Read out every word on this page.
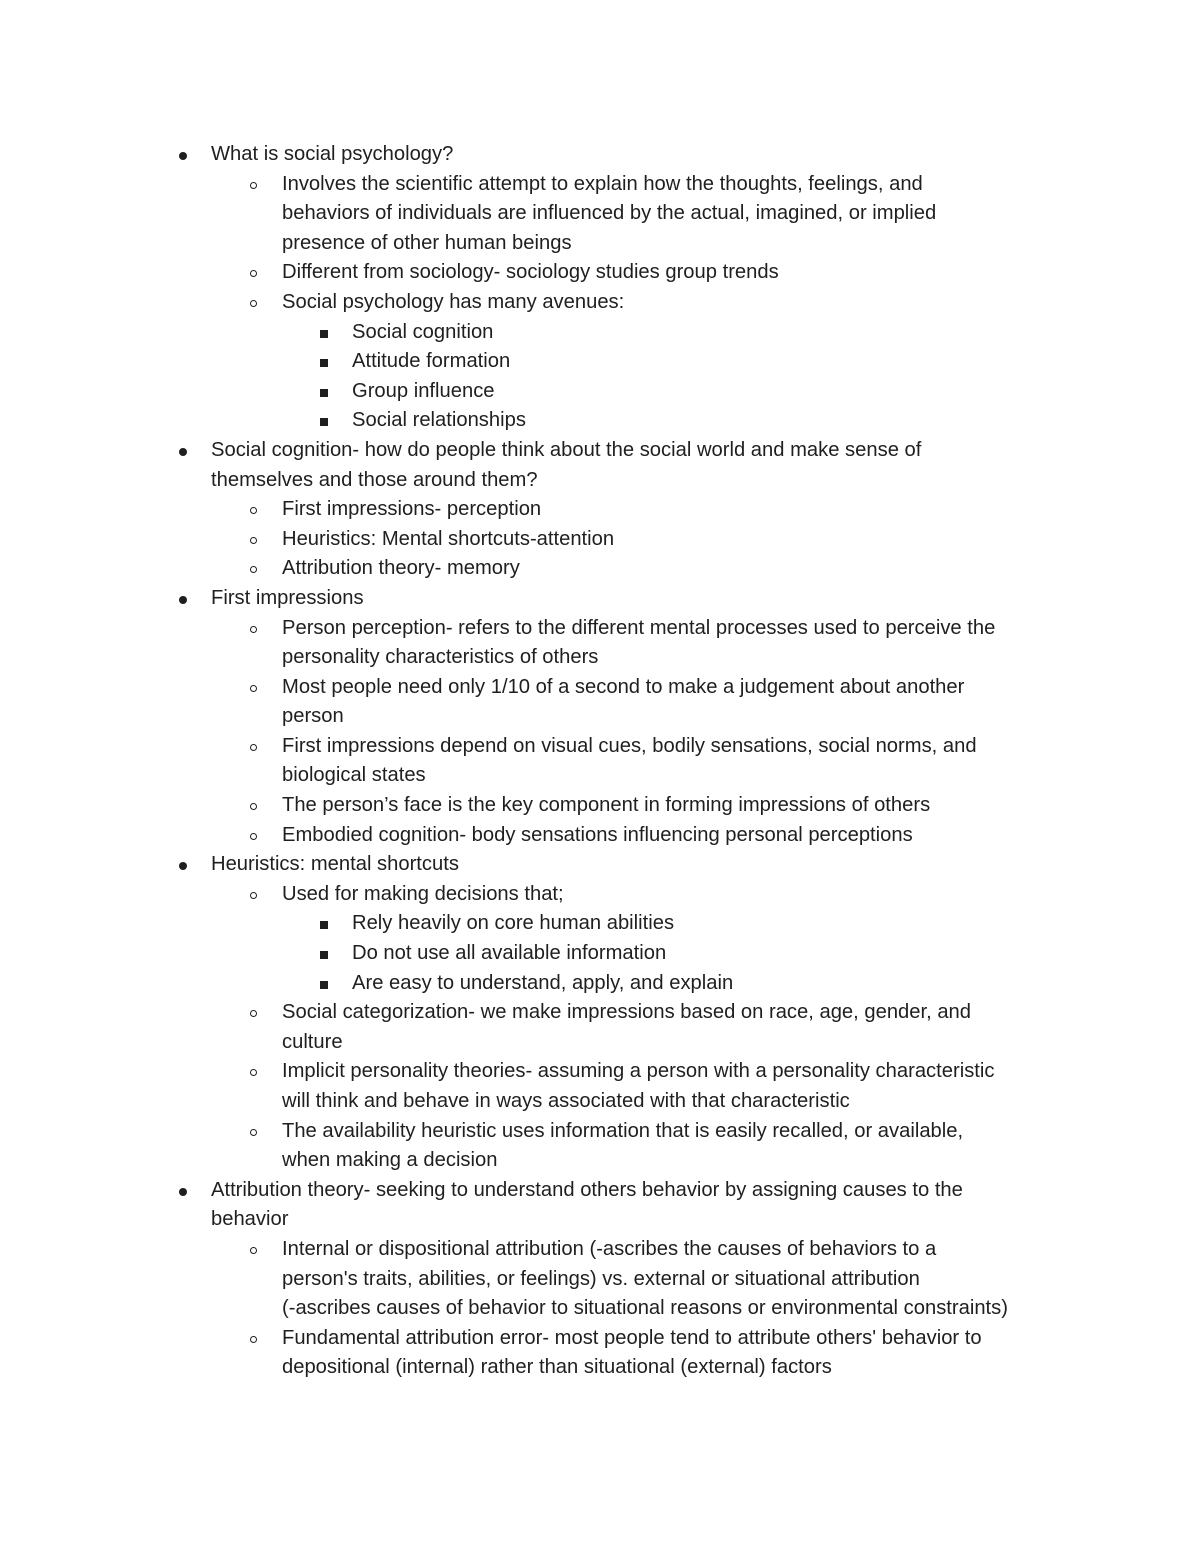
What is social psychology?
Involves the scientific attempt to explain how the thoughts, feelings, and
behaviors of individuals are influenced by the actual, imagined, or implied
presence of other human beings
Different from sociology- sociology studies group trends
Social psychology has many avenues:
Social cognition
Attitude formation
Group influence
Social relationships
Social cognition- how do people think about the social world and make sense of
themselves and those around them?
First impressions- perception
Heuristics: Mental shortcuts-attention
Attribution theory- memory
First impressions
Person perception- refers to the different mental processes used to perceive the
personality characteristics of others
Most people need only 1/10 of a second to make a judgement about another
person
First impressions depend on visual cues, bodily sensations, social norms, and
biological states
The person’s face is the key component in forming impressions of others
Embodied cognition- body sensations influencing personal perceptions
Heuristics: mental shortcuts
Used for making decisions that;
Rely heavily on core human abilities
Do not use all available information
Are easy to understand, apply, and explain
Social categorization- we make impressions based on race, age, gender, and
culture
Implicit personality theories- assuming a person with a personality characteristic
will think and behave in ways associated with that characteristic
The availability heuristic uses information that is easily recalled, or available,
when making a decision
Attribution theory- seeking to understand others behavior by assigning causes to the
behavior
Internal or dispositional attribution (-ascribes the causes of behaviors to a
person's traits, abilities, or feelings) vs. external or situational attribution
(-ascribes causes of behavior to situational reasons or environmental constraints)
Fundamental attribution error- most people tend to attribute others' behavior to
depositional (internal) rather than situational (external) factors
